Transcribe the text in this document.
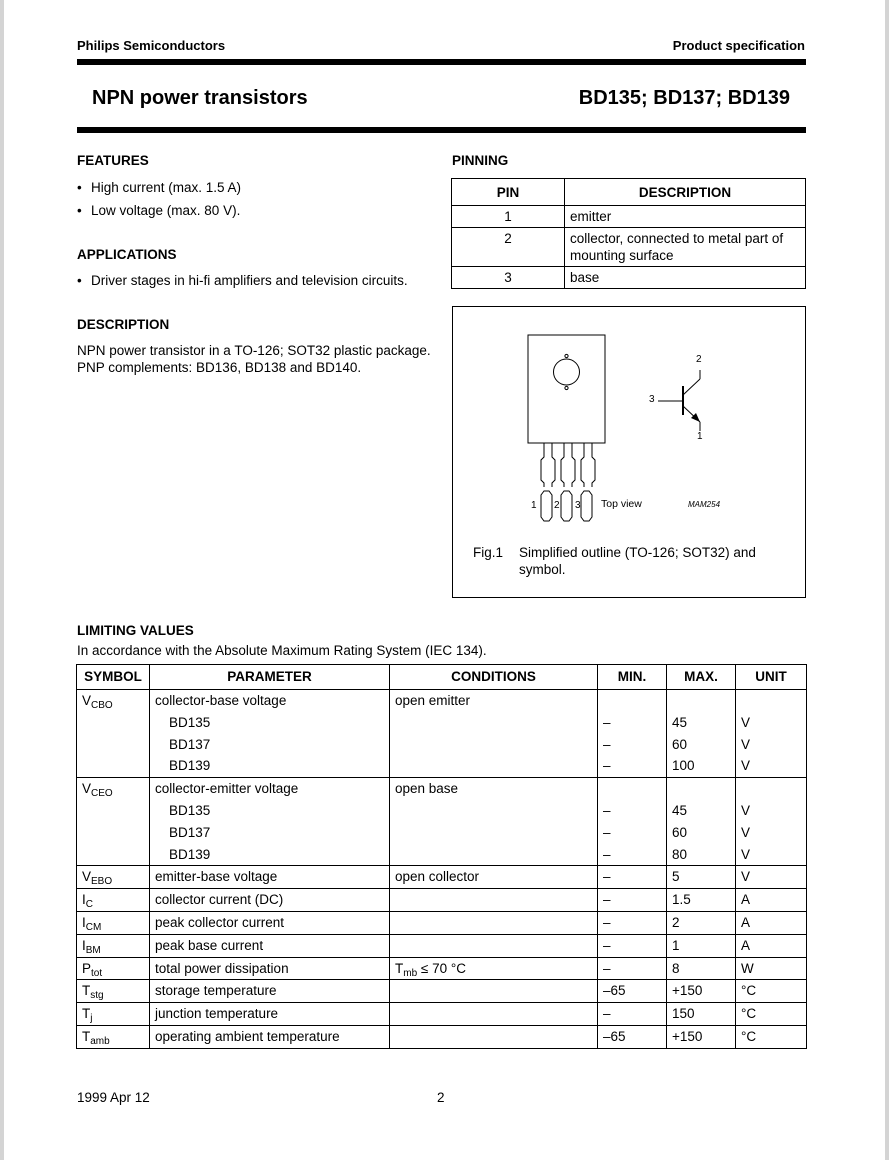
Philips Semiconductors	Product specification
NPN power transistors	BD135; BD137; BD139
FEATURES
• High current (max. 1.5 A)
• Low voltage (max. 80 V).
APPLICATIONS
• Driver stages in hi-fi amplifiers and television circuits.
DESCRIPTION
NPN power transistor in a TO-126; SOT32 plastic package. PNP complements: BD136, BD138 and BD140.
PINNING
PIN	DESCRIPTION
1	emitter
2	collector, connected to metal part of mounting surface
3	base
1 2 3 Top view	MAM254
2
3
1
Fig.1 Simplified outline (TO-126; SOT32) and symbol.
LIMITING VALUES
In accordance with the Absolute Maximum Rating System (IEC 134).
SYMBOL	PARAMETER	CONDITIONS	MIN.	MAX.	UNIT
$V_{CBO}$	collector-base voltage	open emitter			
	BD135		–	45	V
	BD137		–	60	V
	BD139		–	100	V
$V_{CEO}$	collector-emitter voltage	open base			
	BD135		–	45	V
	BD137		–	60	V
	BD139		–	80	V
$V_{EBO}$	emitter-base voltage	open collector	–	5	V
$I_C$	collector current (DC)		–	1.5	A
$I_{CM}$	peak collector current		–	2	A
$I_{BM}$	peak base current		–	1	A
$P_{tot}$	total power dissipation	$T_{mb} \le 70$ °C	–	8	W
$T_{stg}$	storage temperature		–65	+150	°C
$T_j$	junction temperature		–	150	°C
$T_{amb}$	operating ambient temperature		–65	+150	°C
1999 Apr 12	2
